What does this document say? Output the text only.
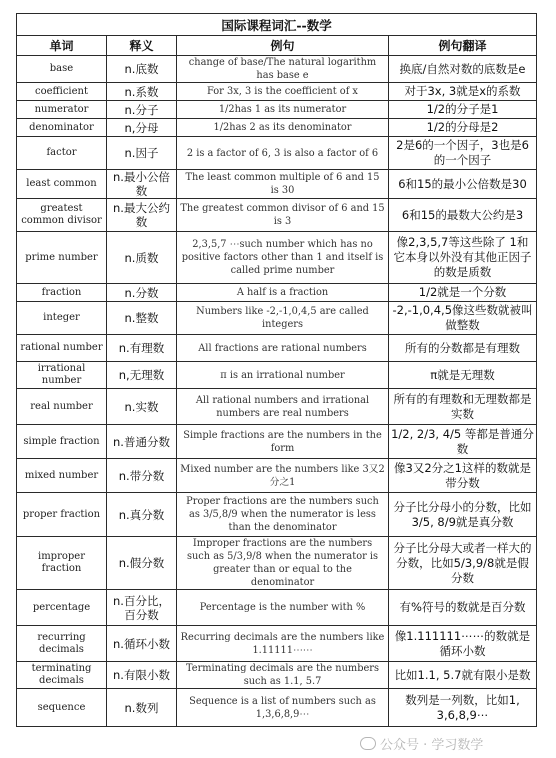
国际课程词汇--数学			
单词	释义	例句	例句翻译
base	n.底数	change of base/The natural logarithm has base e	换底/自然对数的底数是e
coefficient	n.系数	For 3x, 3 is the coefficient of x	对于3x, 3就是x的系数
numerator	n.分子	1/2has 1 as its numerator	1/2的分子是1
denominator	n,分母	1/2has 2 as its denominator	1/2的分母是2
factor	n.因子	2 is a factor of 6, 3 is also a factor of 6	2是6的一个因子，3也是6的一个因子
least common	n.最小公倍数	The least common multiple of 6 and 15 is 30	6和15的最小公倍数是30
greatest common divisor	n.最大公约数	The greatest common divisor of 6 and 15 is 3	6和15的最数大公约是3
prime number	n.质数	2,3,5,7 ⋯such number which has no positive factors other than 1 and itself is called prime number	像2,3,5,7等这些除了 1和它本身以外没有其他正因子的数是质数
fraction	n.分数	A half is a fraction	1/2就是一个分数
integer	n.整数	Numbers like -2,-1,0,4,5 are called integers	-2,-1,0,4,5像这些数就被叫做整数
rational number	n.有理数	All fractions are rational numbers	所有的分数都是有理数
irrational number	n,无理数	π is an irrational number	π就是无理数
real number	n.实数	All rational numbers and irrational numbers are real numbers	所有的有理数和无理数都是实数
simple fraction	n.普通分数	Simple fractions are the numbers in the form	1/2, 2/3, 4/5 等都是普通分数
mixed number	n.带分数	Mixed number are the numbers like 3又2分之1	像3又2分之1这样的数就是带分数
proper fraction	n.真分数	Proper fractions are the numbers such as 3/5,8/9 when the numerator is less than the denominator	分子比分母小的分数，比如3/5, 8/9就是真分数
improper fraction	n.假分数	Improper fractions are the numbers such as 5/3,9/8 when the numerator is greater than or equal to the denominator	分子比分母大或者一样大的分数，比如5/3,9/8就是假分数
percentage	n.百分比，百分数	Percentage is the number with %	有%符号的数就是百分数
recurring decimals	n.循环小数	Recurring decimals are the numbers like 1.11111⋯⋯	像1.111111⋯⋯的数就是循环小数
terminating decimals	n.有限小数	Terminating decimals are the numbers such as 1.1, 5.7	比如1.1, 5.7就有限小是数
sequence	n.数列	Sequence is a list of numbers such as 1,3,6,8,9⋯	数列是一列数，比如1, 3,6,8,9⋯
公众号 · 学习数学
